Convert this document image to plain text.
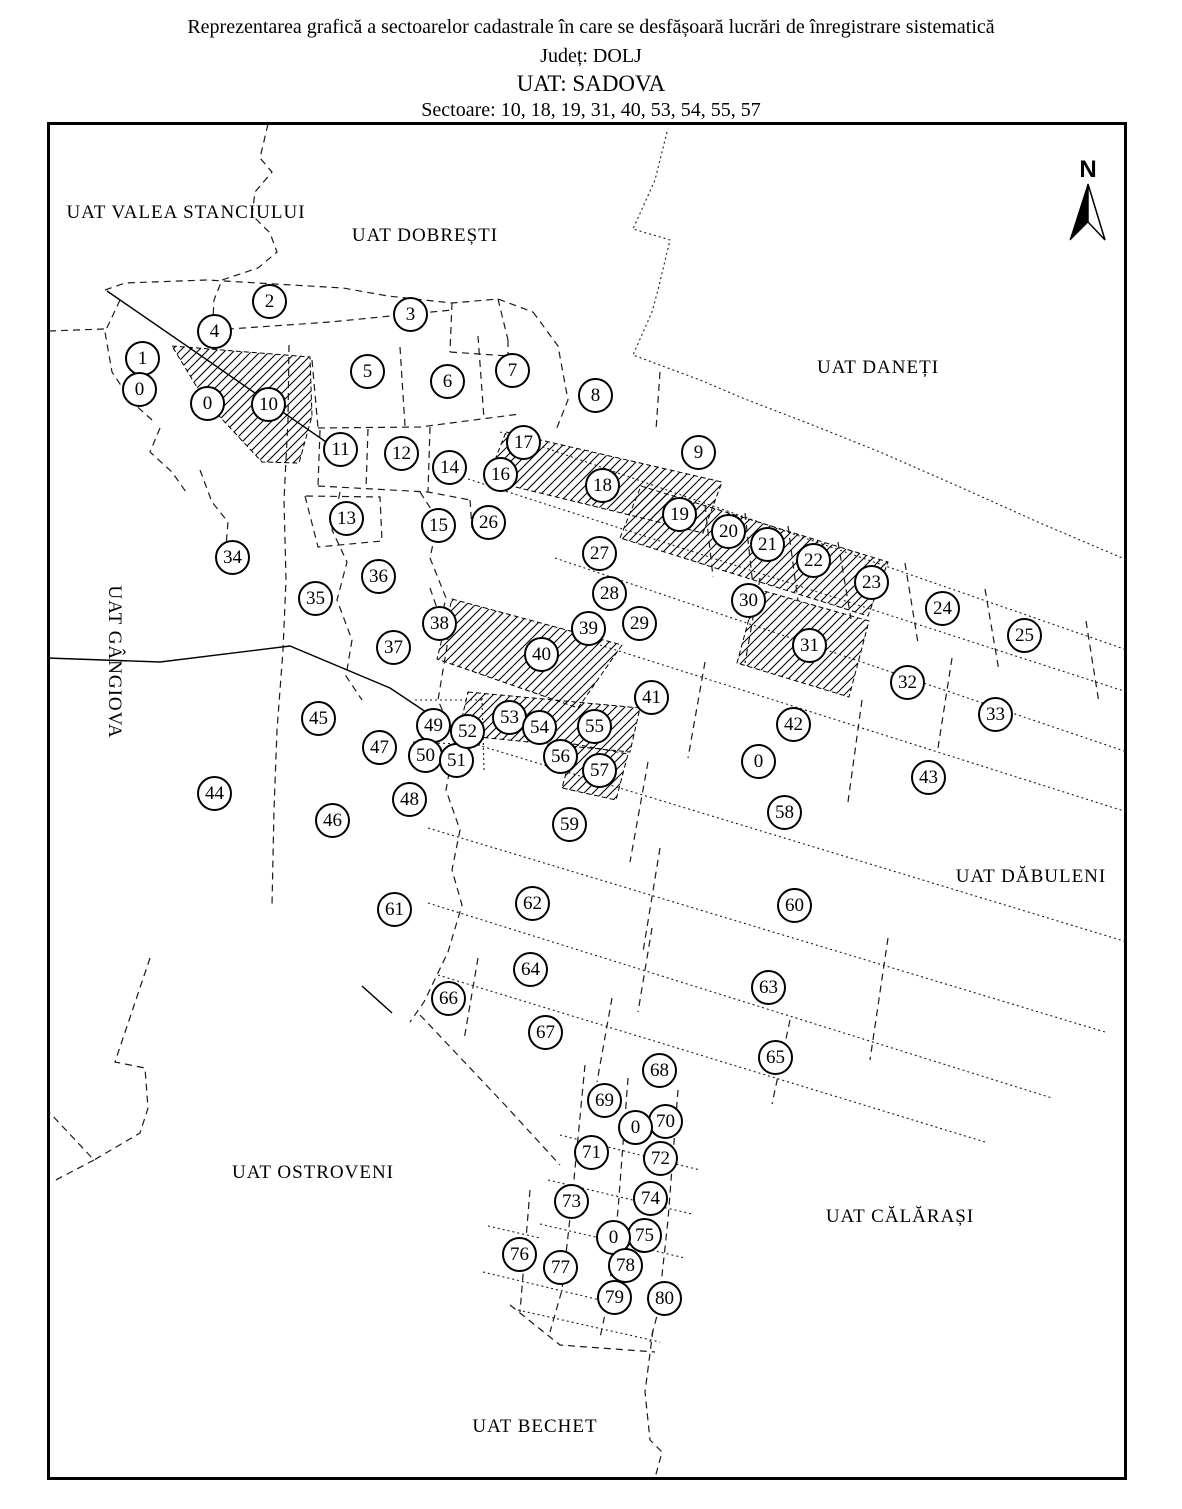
Reprezentarea grafică a sectoarelor cadastrale în care se desfășoară lucrări de înregistrare sistematică
Județ: DOLJ
UAT: SADOVA
Sectoare: 10, 18, 19, 31, 40, 53, 54, 55, 57
N
UAT VALEA STANCIULUI
UAT DOBREȘTI
UAT DANEȚI
UAT GÂNGIOVA
UAT DĂBULENI
UAT OSTROVENI
UAT CĂLĂRAȘI
UAT BECHET
1
0
0
2
4
10
3
5	6
7
8
9
11	12
14	16
17
13	15	26
18
19
20
21
22
23
24
25
27
28
29
30
31
32
33
34
35
36
37
38	39
40
41
42
43
44
45
46
47
48
49
50 51
52
53 54	55
56
57	0
58
59
60
61	62
63
64
65
66
67
68
69
70
0
71	72
73	74
75
0
76
77	78
79	80
